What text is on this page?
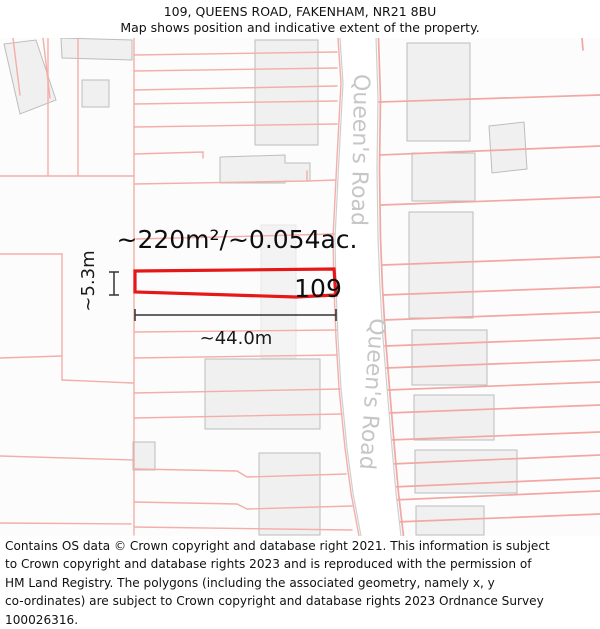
109, QUEENS ROAD, FAKENHAM, NR21 8BU
Map shows position and indicative extent of the property.
Queen's Road
Queen's Road
~220m²/~0.054ac.
109
~44.0m
~5.3m
Contains OS data © Crown copyright and database right 2021. This information is subject
to Crown copyright and database rights 2023 and is reproduced with the permission of
HM Land Registry. The polygons (including the associated geometry, namely x, y
co-ordinates) are subject to Crown copyright and database rights 2023 Ordnance Survey
100026316.
